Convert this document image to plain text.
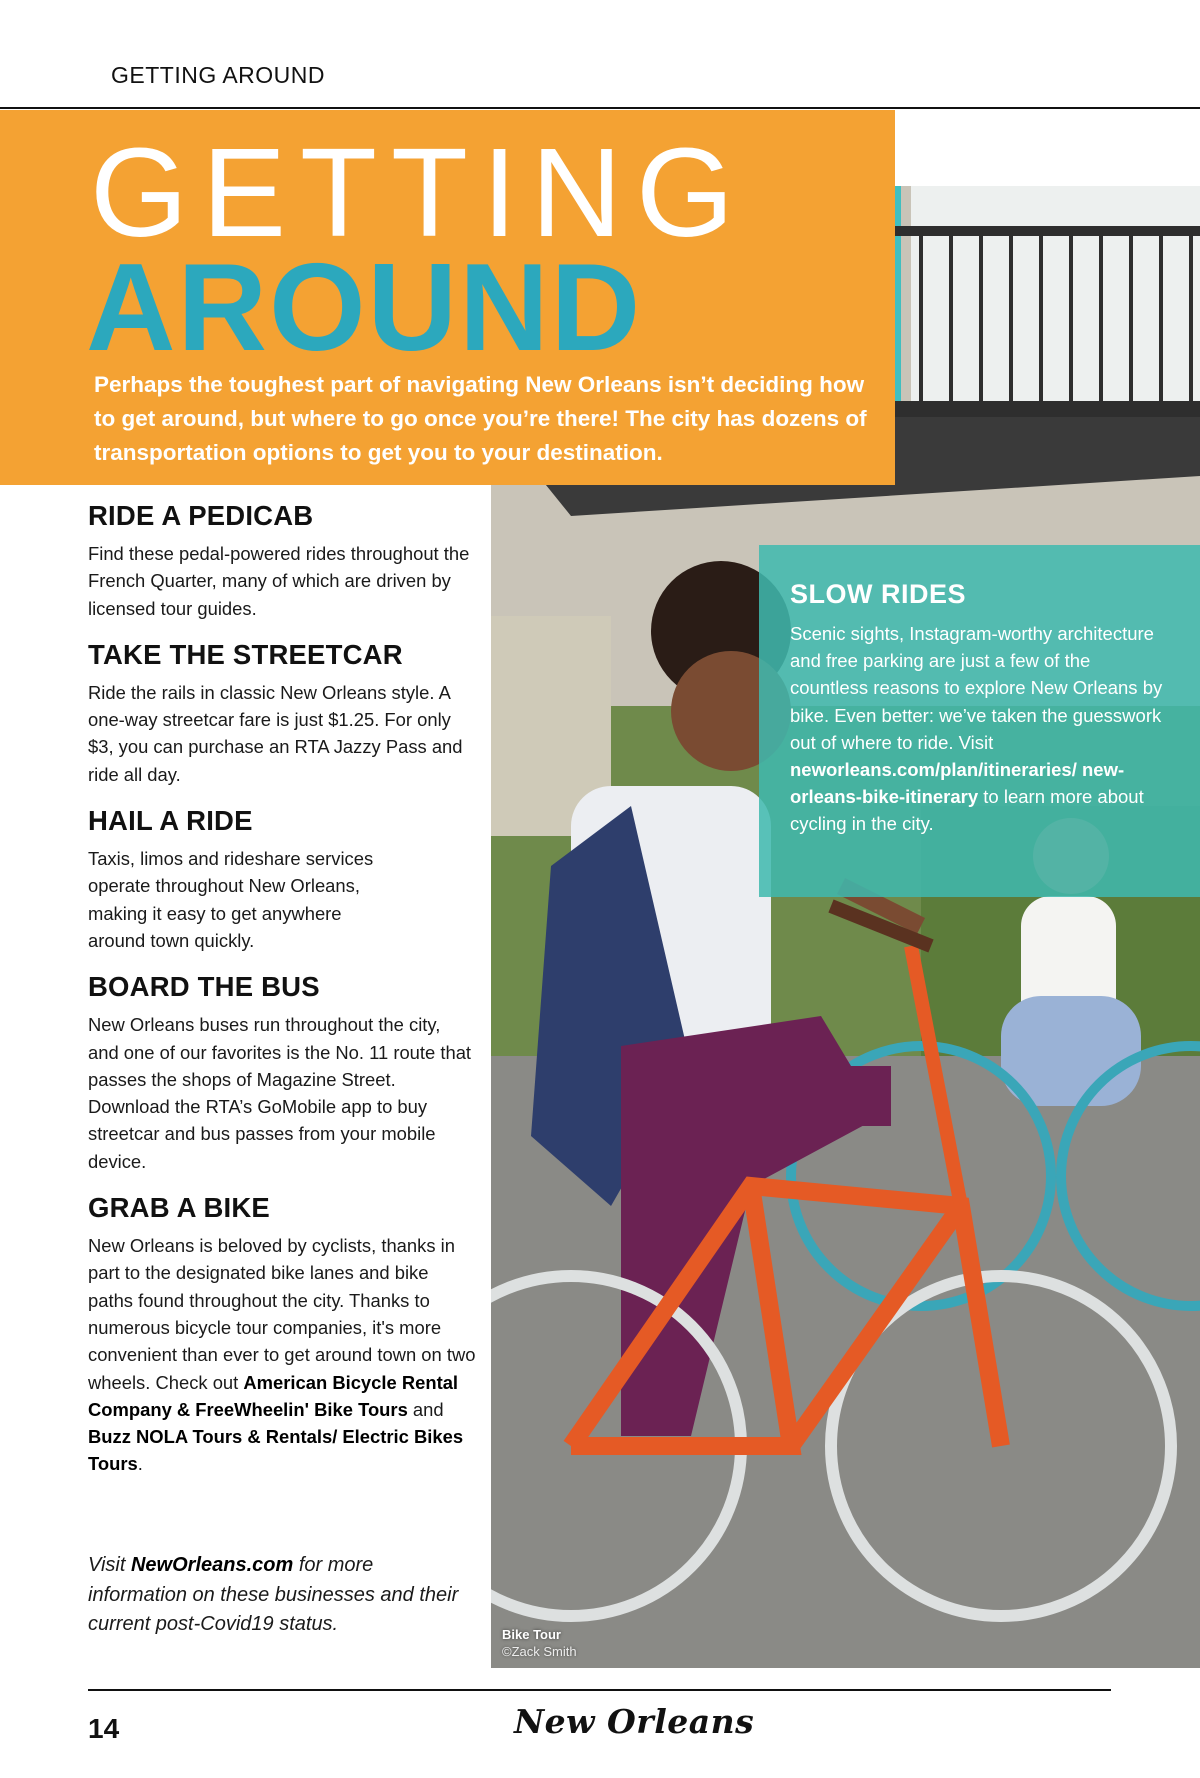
GETTING AROUND
Bike Tour
©Zack Smith
GETTING
AROUND
Perhaps the toughest part of navigating New Orleans isn’t deciding how to get around, but where to go once you’re there! The city has dozens of transportation options to get you to your destination.
SLOW RIDES
Scenic sights, Instagram-worthy architecture and free parking are just a few of the countless reasons to explore New Orleans by bike. Even better: we’ve taken the guesswork out of where to ride. Visit neworleans.com/plan/itineraries/ new-orleans-bike-itinerary to learn more about cycling in the city.
RIDE A PEDICAB

Find these pedal-powered rides throughout the French Quarter, many of which are driven by licensed tour guides.

TAKE THE STREETCAR

Ride the rails in classic New Orleans style. A one-way streetcar fare is just $1.25. For only $3, you can purchase an RTA Jazzy Pass and ride all day.

HAIL A RIDE

Taxis, limos and rideshare services operate throughout New Orleans, making it easy to get anywhere around town quickly.

BOARD THE BUS

New Orleans buses run throughout the city, and one of our favorites is the No. 11 route that passes the shops of Magazine Street. Download the RTA’s GoMobile app to buy streetcar and bus passes from your mobile device.

GRAB A BIKE

New Orleans is beloved by cyclists, thanks in part to the designated bike lanes and bike paths found throughout the city. Thanks to numerous bicycle tour companies, it's more convenient than ever to get around town on two wheels. Check out American Bicycle Rental Company & FreeWheelin' Bike Tours and Buzz NOLA Tours & Rentals/ Electric Bikes Tours.

Visit NewOrleans.com for more information on these businesses and their current post-Covid19 status.
14	New Orleans
